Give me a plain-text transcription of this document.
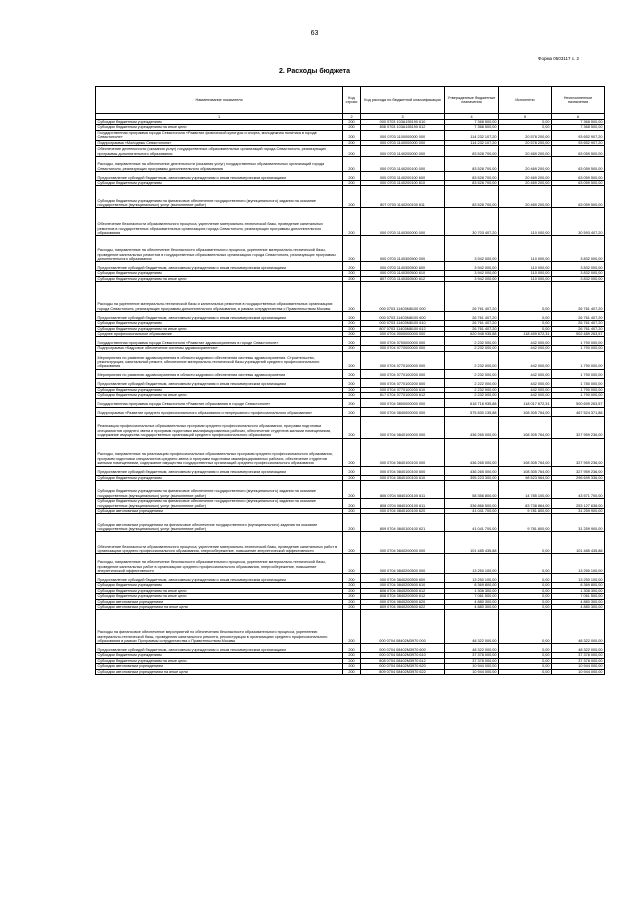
63
Форма 0503117 с. 2
2. Расходы бюджета
Наименование показателя	Код строки	Код расхода по бюджетной классификации	Утвержденные бюджетные назначения	Исполнено	Неисполненные назначения
1	2	3	4	5	6
Субсидии бюджетным учреждениям	200	000 0703 103А155190 610	7 368 500,00	0,00	7 368 500,00
Субсидии бюджетным учреждениям на иные цели	200	808 0703 103А155190 612	7 368 500,00	0,00	7 368 500,00
Государственная программа города Севастополя «Развитие физической культуры и спорта, молодежная политика в городе Севастополе»	200	000 0703 1100000000 000	114 232 107,20	20 578 200,00	93 652 907,20
Подпрограмма «Молодежь Севастополя»	200	000 0703 1140000000 000	114 232 107,20	20 578 200,00	93 652 907,20
Обеспечение деятельности (оказания услуг) государственных образовательных организаций города Севастополя, реализующих программы дополнительного образования	200	000 0703 1140200000 000	83 528 700,00	20 469 200,00	63 059 500,00
Расходы, направленные на обеспечение деятельности (оказания услуг) государственных образовательных организаций города Севастополя, реализующих программы дополнительного образования	200	000 0703 1140200100 000	83 528 700,00	20 469 200,00	63 059 500,00
Предоставление субсидий бюджетным, автономным учреждениям и иным некоммерческим организациям	200	000 0703 1140200100 600	83 528 700,00	20 469 200,00	63 059 500,00
Субсидии бюджетным учреждениям	200	000 0703 1140200100 610	83 528 700,00	20 469 200,00	63 059 500,00
Субсидии бюджетным учреждениям на финансовое обеспечение государственного (муниципального) задания на оказание государственных (муниципальных) услуг (выполнение работ)	200	807 0703 1140200100 611	83 528 700,00	20 469 200,00	63 059 500,00
Обеспечение безопасности образовательного процесса, укрепление материально-технической базы, проведение капитальных ремонтов в государственных образовательных организациях города Севастополя, реализующих программы дополнительного образования	200	000 0703 1140300000 000	30 703 407,20	110 000,00	30 593 407,20
Расходы, направленные на обеспечение безопасности образовательного процесса, укрепление материально-технической базы, проведение капитальных ремонтов в государственных образовательных организациях города Севастополя, реализующих программы дополнительного образования	200	000 0703 1140300500 000	3 942 000,00	110 000,00	3 832 000,00
Предоставление субсидий бюджетным, автономным учреждениям и иным некоммерческим организациям	200	000 0703 1140300500 600	3 942 000,00	110 000,00	3 832 000,00
Субсидии бюджетным учреждениям	200	000 0703 1140300500 610	3 942 000,00	110 000,00	3 832 000,00
Субсидии бюджетным учреждениям на иные цели	200	807 0703 1140300500 612	3 942 000,00	110 000,00	3 832 000,00
Расходы на укрепление материально-технической базы и капитальных ремонтов в государственных образовательных организациях города Севастополя, реализующих программы дополнительного образования, в рамках сотрудничества с Правительством Москвы	200	000 0703 11403М8100 000	26 761 407,20	0,00	26 761 407,20
Предоставление субсидий бюджетным, автономным учреждениям и иным некоммерческим организациям	200	000 0703 11403М8100 600	26 761 407,20	0,00	26 761 407,20
Субсидии бюджетным учреждениям	200	000 0703 11403М8100 610	26 761 407,20	0,00	26 761 407,20
Субсидии бюджетным учреждениям на иные цели	200	807 0703 11403М8100 612	26 761 407,20	0,00	26 761 407,20
Среднее профессиональное образование	200	000 0704 0000000000 000	620 948 935,88	118 459 672,31	502 489 263,57
Государственная программа города Севастополя «Развитие здравоохранения в городе Севастополе»	200	000 0704 0700000000 000	2 232 000,00	442 000,00	1 790 000,00
Подпрограмма «Кадровое обеспечение системы здравоохранения»	200	000 0704 0770000000 000	2 232 000,00	442 000,00	1 790 000,00
Мероприятия по развитию здравоохранения в области кадрового обеспечения системы здравоохранения. Строительство, реконструкция, капитальный ремонт, обеспечение материально-технической базы учреждений среднего профессионального образования	200	000 0704 0770100000 000	2 232 000,00	442 000,00	1 790 000,00
Мероприятия по развитию здравоохранения в области кадрового обеспечения системы здравоохранения	200	000 0704 0770100200 000	2 232 000,00	442 000,00	1 790 000,00
Предоставление субсидий бюджетным, автономным учреждениям и иным некоммерческим организациям	200	000 0704 0770100200 600	2 222 000,00	442 000,00	1 780 000,00
Субсидии бюджетным учреждениям	200	000 0704 0770100200 610	2 232 000,00	442 000,00	1 790 000,00
Субсидии бюджетным учреждениям на иные цели	200	817 0704 0770100200 612	2 232 000,00	442 000,00	1 790 000,00
Государственная программа города Севастополя «Развитие образования в городе Севастополе»	200	000 0704 0800000000 000	618 716 935,88	118 017 672,31	500 699 263,57
Подпрограмма «Развитие среднего профессионального образования и непрерывного профессионального образования»	200	000 0704 0840000000 000	575 830 135,88	108 305 764,00	467 524 371,88
Реализация профессиональных образовательных программ среднего профессионального образования, программ подготовки специалистов среднего звена и программ подготовки квалифицированных рабочих, обеспечение студентов жилыми помещениями, содержание имущества государственных организаций среднего профессионального образования	200	000 0704 0840100000 000	436 265 000,00	108 305 764,00	327 959 236,00
Расходы, направленные на реализацию профессиональных образовательных программ среднего профессионального образования, программ подготовки специалистов среднего звена и программ подготовки квалифицированных рабочих, обеспечение студентов жилыми помещениями, содержание имущества государственных организаций среднего профессионального образования	200	000 0704 0840100100 000	436 265 000,00	108 305 764,00	327 959 236,00
Предоставление субсидий бюджетным, автономным учреждениям и иным некоммерческим организациям	200	000 0704 0840100100 600	436 265 000,00	108 305 764,00	327 959 236,00
Субсидии бюджетным учреждениям	200	000 0704 0840100100 610	395 223 300,00	98 523 964,00	296 699 336,00
Субсидии бюджетным учреждениям на финансовое обеспечение государственного (муниципального) задания на оказание государственных (муниципальных) услуг (выполнение работ)	200	806 0704 0840100100 611	58 356 800,00	14 785 100,00	43 571 700,00
Субсидии бюджетным учреждениям на финансовое обеспечение государственного (муниципального) задания на оказание государственных (муниципальных) услуг (выполнение работ)	200	808 0704 0840100100 611	336 866 500,00	83 738 864,00	253 127 636,00
Субсидии автономным учреждениям	200	000 0704 0840100100 620	41 041 700,00	9 781 800,00	31 259 900,00
Субсидии автономным учреждениям на финансовое обеспечение государственного (муниципального) задания на оказание государственных (муниципальных) услуг (выполнение работ)	200	809 0704 0840100100 621	41 041 700,00	9 781 800,00	31 259 900,00
Обеспечение безопасности образовательного процесса, укрепление материально-технической базы, проведение капитальных работ в организациях среднего профессионального образования, энергосбережение, повышение энергетической эффективности	200	000 0704 0840200000 000	101 485 435,88	0,00	101 485 435,88
Расходы, направленные на обеспечение безопасности образовательного процесса, укрепление материально-технической базы, проведение капитальных работ в организациях среднего профессионального образования, энергосбережение, повышение энергетической эффективности	200	000 0704 0840200500 000	13 250 100,00	0,00	13 250 100,00
Предоставление субсидий бюджетным, автономным учреждениям и иным некоммерческим организациям	200	000 0704 0840200500 600	13 250 100,00	0,00	13 250 100,00
Субсидии бюджетным учреждениям	200	000 0704 0840200500 610	8 369 800,00	0,00	8 369 800,00
Субсидии бюджетным учреждениям на иные цели	200	806 0704 0840200500 612	1 308 300,00	0,00	1 308 300,00
Субсидии бюджетным учреждениям на иные цели	200	808 0704 0840200500 612	7 061 500,00	0,00	7 061 500,00
Субсидии автономным учреждениям	200	000 0704 0840200500 620	4 880 300,00	0,00	4 880 300,00
Субсидии автономным учреждениям на иные цели	200	809 0704 0840200500 622	4 880 300,00	0,00	4 880 300,00
Расходы на финансовое обеспечение мероприятий по обеспечению безопасности образовательного процесса, укреплению материально-технической базы, проведению капитального ремонта, реконструкции в организациях среднего профессионального образования в рамках Программы сотрудничества с Правительством Москвы	200	000 0704 08402М3970 000	48 322 000,00	0,00	48 322 000,00
Предоставление субсидий бюджетным, автономным учреждениям и иным некоммерческим организациям	200	000 0704 08402М3970 600	48 322 000,00	0,00	48 322 000,00
Субсидии бюджетным учреждениям	200	000 0704 08402М3970 610	37 378 000,00	0,00	37 378 000,00
Субсидии бюджетным учреждениям на иные цели	200	808 0704 08402М3970 612	37 378 000,00	0,00	37 378 000,00
Субсидии автономным учреждениям	200	000 0704 08402М3970 620	10 944 000,00	0,00	10 944 000,00
Субсидии автономным учреждениям на иные цели	200	809 0704 08402М3970 622	10 944 000,00	0,00	10 944 000,00
